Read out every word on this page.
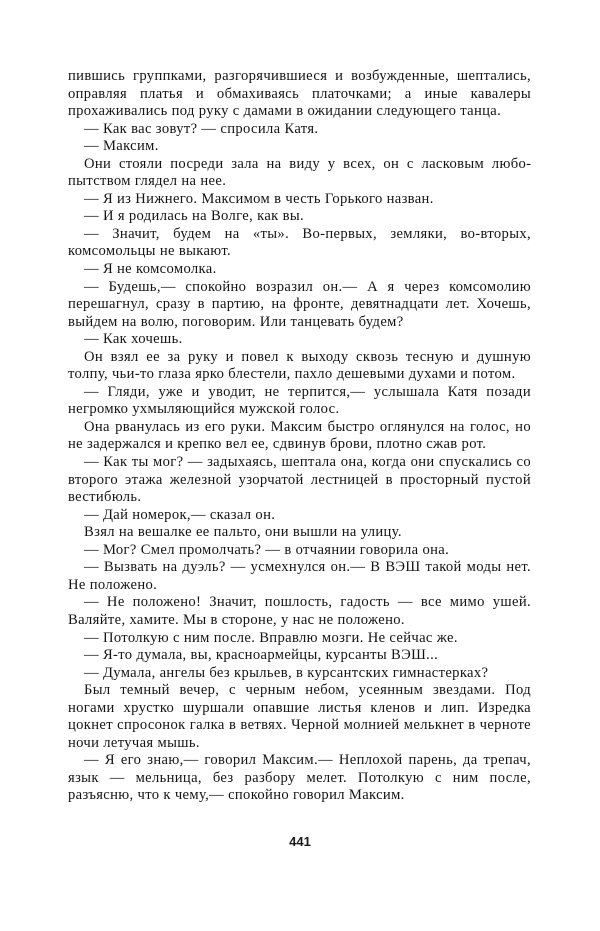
пившись группками, разгорячившиеся и возбужденные, шептались, оправляя платья и обмахиваясь платочками; а иные кавалеры прохаживались под руку с дамами в ожидании следующего танца.

— Как вас зовут? — спросила Катя.

— Максим.

Они стояли посреди зала на виду у всех, он с ласковым любопытством глядел на нее.

— Я из Нижнего. Максимом в честь Горького назван.

— И я родилась на Волге, как вы.

— Значит, будем на «ты». Во-первых, земляки, во-вторых, комсомольцы не выкают.

— Я не комсомолка.

— Будешь,— спокойно возразил он.— А я через комсомолию перешагнул, сразу в партию, на фронте, девятнадцати лет. Хочешь, выйдем на волю, поговорим. Или танцевать будем?

— Как хочешь.

Он взял ее за руку и повел к выходу сквозь тесную и душную толпу, чьи-то глаза ярко блестели, пахло дешевыми духами и потом.

— Гляди, уже и уводит, не терпится,— услышала Катя позади негромко ухмыляющийся мужской голос.

Она рванулась из его руки. Максим быстро оглянулся на голос, но не задержался и крепко вел ее, сдвинув брови, плотно сжав рот.

— Как ты мог? — задыхаясь, шептала она, когда они спускались со второго этажа железной узорчатой лестницей в просторный пустой вестибюль.

— Дай номерок,— сказал он.

Взял на вешалке ее пальто, они вышли на улицу.

— Мог? Смел промолчать? — в отчаянии говорила она.

— Вызвать на дуэль? — усмехнулся он.— В ВЭШ такой моды нет. Не положено.

— Не положено! Значит, пошлость, гадость — все мимо ушей. Валяйте, хамите. Мы в стороне, у нас не положено.

— Потолкую с ним после. Вправлю мозги. Не сейчас же.

— Я-то думала, вы, красноармейцы, курсанты ВЭШ...

— Думала, ангелы без крыльев, в курсантских гимнастерках?

Был темный вечер, с черным небом, усеянным звездами. Под ногами хрустко шуршали опавшие листья кленов и лип. Изредка цокнет спросонок галка в ветвях. Черной молнией мелькнет в черноте ночи летучая мышь.

— Я его знаю,— говорил Максим.— Неплохой парень, да трепач, язык — мельница, без разбору мелет. Потолкую с ним после, разъясню, что к чему,— спокойно говорил Максим.

441
